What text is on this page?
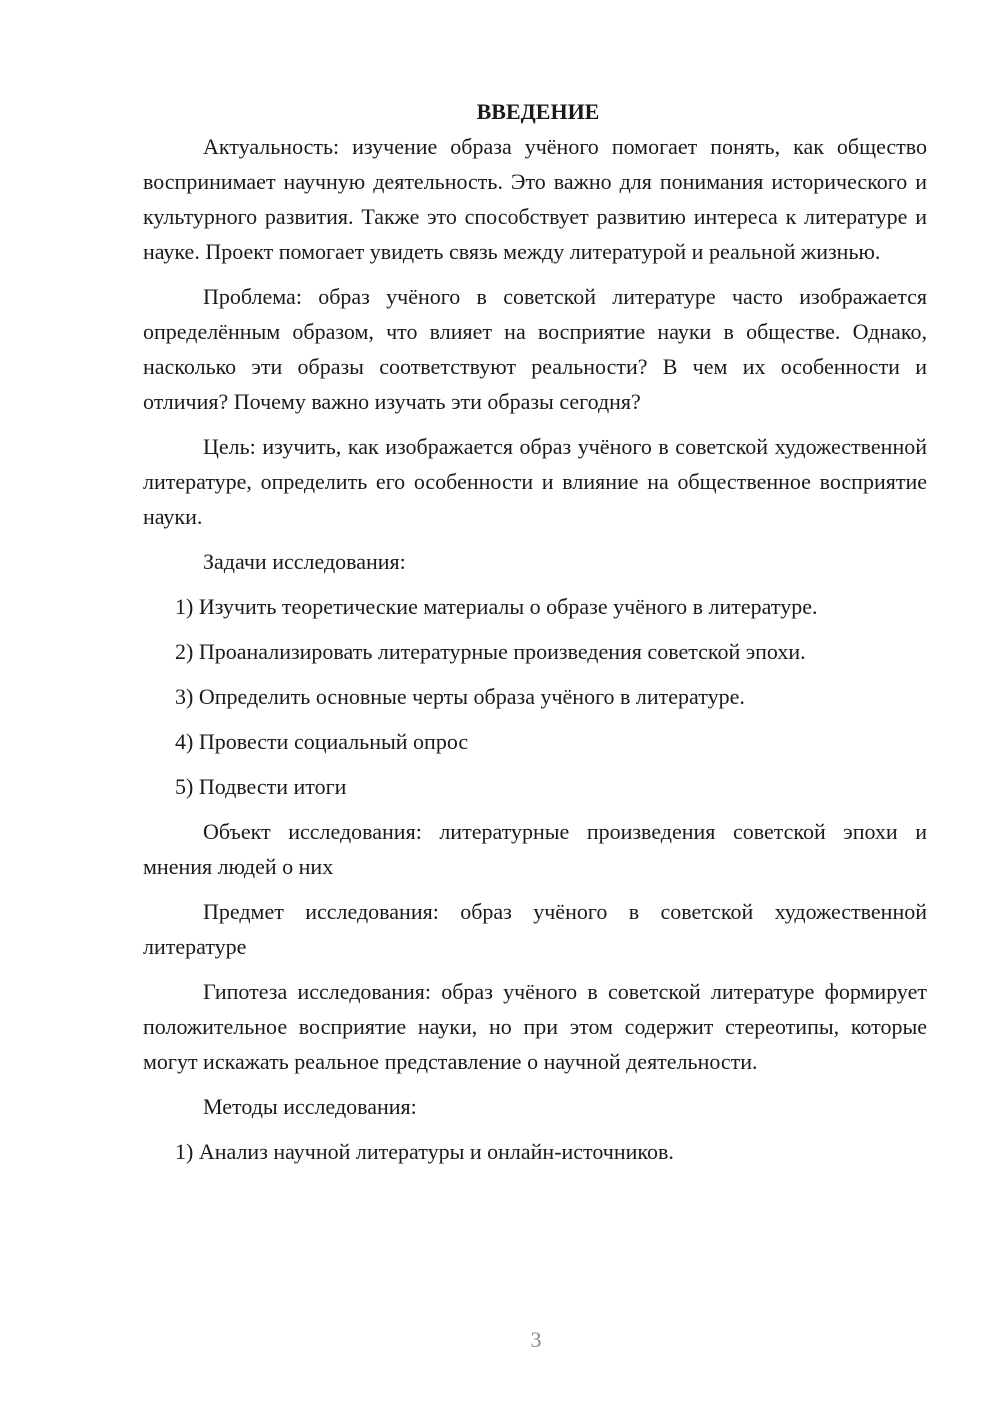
ВВЕДЕНИЕ

Актуальность: изучение образа учёного помогает понять, как общество воспринимает научную деятельность. Это важно для понимания исторического и культурного развития. Также это способствует развитию интереса к литературе и науке. Проект помогает увидеть связь между литературой и реальной жизнью.

Проблема: образ учёного в советской литературе часто изображается определённым образом, что влияет на восприятие науки в обществе. Однако, насколько эти образы соответствуют реальности? В чем их особенности и отличия? Почему важно изучать эти образы сегодня?

Цель: изучить, как изображается образ учёного в советской художественной литературе, определить его особенности и влияние на общественное восприятие науки.

Задачи исследования:
1) Изучить теоретические материалы о образе учёного в литературе.
2) Проанализировать литературные произведения советской эпохи.
3) Определить основные черты образа учёного в литературе.
4) Провести социальный опрос
5) Подвести итоги

Объект исследования: литературные произведения советской эпохи и мнения людей о них

Предмет исследования: образ учёного в советской художественной литературе

Гипотеза исследования: образ учёного в советской литературе формирует положительное восприятие науки, но при этом содержит стереотипы, которые могут искажать реальное представление о научной деятельности.

Методы исследования:
1) Анализ научной литературы и онлайн-источников.
3
